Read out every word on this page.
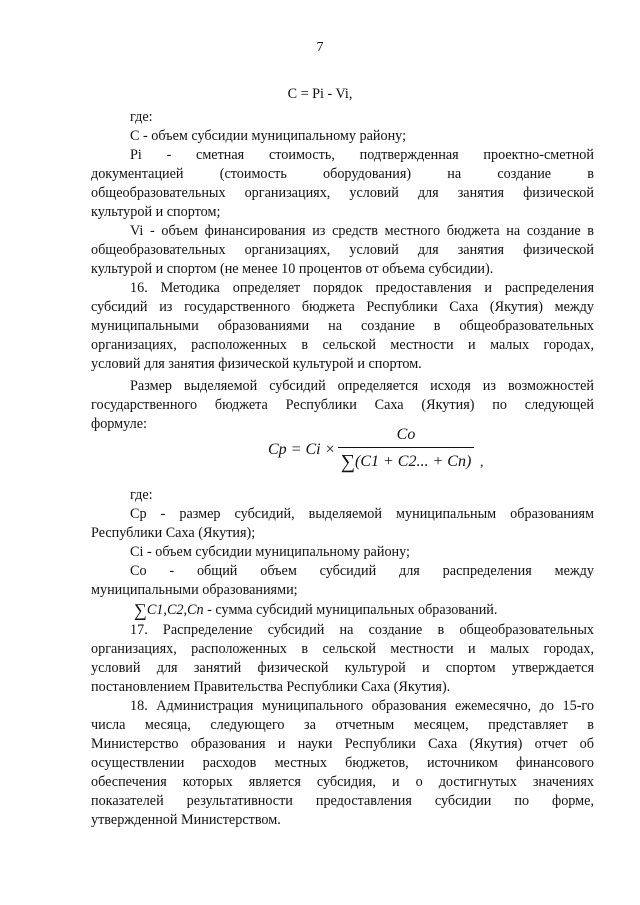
7
C = Pi - Vi,
где:
C - объем субсидии муниципальному району;
Pi - сметная стоимость, подтвержденная проектно-сметной
документацией (стоимость оборудования) на создание в
общеобразовательных организациях, условий для занятия физической
культурой и спортом;
Vi - объем финансирования из средств местного бюджета на создание в
общеобразовательных организациях, условий для занятия физической
культурой и спортом (не менее 10 процентов от объема субсидии).
16. Методика определяет порядок предоставления и распределения
субсидий из государственного бюджета Республики Саха (Якутия) между
муниципальными образованиями на создание в общеобразовательных
организациях, расположенных в сельской местности и малых городах,
условий для занятия физической культурой и спортом.
Размер выделяемой субсидий определяется исходя из возможностей
государственного бюджета Республики Саха (Якутия) по следующей
формуле:
Cp = Ci ×
Co
∑(C1 + C2... + Cn) ,
где:
Cp - размер субсидий, выделяемой муниципальным образованиям
Республики Саха (Якутия);
Ci - объем субсидии муниципальному району;
Co - общий объем субсидий для распределения между
муниципальными образованиями;
∑C1,C2,Cn - сумма субсидий муниципальных образований.
17. Распределение субсидий на создание в общеобразовательных
организациях, расположенных в сельской местности и малых городах,
условий для занятий физической культурой и спортом утверждается
постановлением Правительства Республики Саха (Якутия).
18. Администрация муниципального образования ежемесячно, до 15-го
числа месяца, следующего за отчетным месяцем, представляет в
Министерство образования и науки Республики Саха (Якутия) отчет об
осуществлении расходов местных бюджетов, источником финансового
обеспечения которых является субсидия, и о достигнутых значениях
показателей результативности предоставления субсидии по форме,
утвержденной Министерством.
